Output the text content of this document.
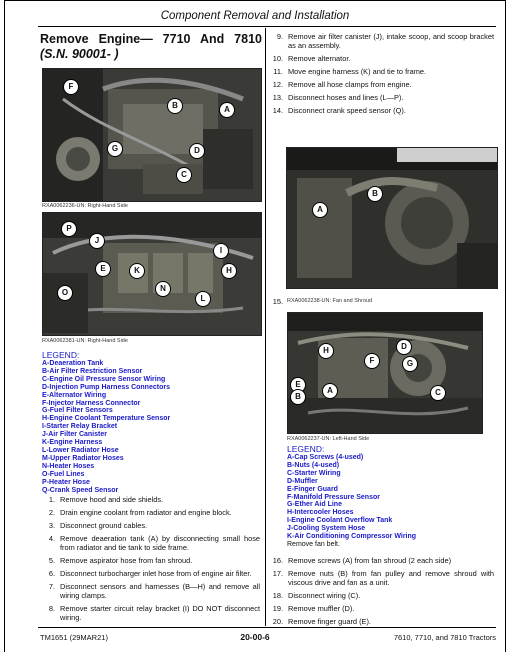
Component Removal and Installation
Remove Engine— 7710 And 7810
(S.N. 90001- )
F
B	A
G	D
C
RXA0062236-UN: Right-Hand Side
P
J
E
I
K	H
O	N
L
RXA0062381-UN: Right-Hand Side
LEGEND:
A-Deaeration Tank
B-Air Filter Restriction Sensor
C-Engine Oil Pressure Sensor Wiring
D-Injection Pump Harness Connectors
E-Alternator Wiring
F-Injector Harness Connector
G-Fuel Filter Sensors
H-Engine Coolant Temperature Sensor
I-Starter Relay Bracket
J-Air Filter Canister
K-Engine Harness
L-Lower Radiator Hose
M-Upper Radiator Hoses
N-Heater Hoses
O-Fuel Lines
P-Heater Hose
Q-Crank Speed Sensor
1. Remove hood and side shields.
2. Drain engine coolant from radiator and engine block.
3. Disconnect ground cables.
4. Remove deaeration tank (A) by disconnecting small hose from radiator and tie tank to side frame.
5. Remove aspirator hose from fan shroud.
6. Disconnect turbocharger inlet hose from of engine air filter.
7. Disconnect sensors and harnesses (B—H) and remove all wiring clamps.
8. Remove starter circuit relay bracket (I) DO NOT disconnect wiring.
9. Remove air filter canister (J), intake scoop, and scoop bracket as an assembly.
10. Remove alternator.
11. Move engine harness (K) and tie to frame.
12. Remove all hose clamps from engine.
13. Disconnect hoses and lines (L—P).
14. Disconnect crank speed sensor (Q).
B
A
15. RXA0062238-UN: Fan and Shroud
H	D
F	G
E
B
A	C
RXA0062237-UN: Left-Hand Side
LEGEND:
A-Cap Screws (4-used)
B-Nuts (4-used)
C-Starter Wiring
D-Muffler
E-Finger Guard
F-Manifold Pressure Sensor
G-Ether Aid Line
H-Intercooler Hoses
I-Engine Coolant Overflow Tank
J-Cooling System Hose
K-Air Conditioning Compressor Wiring
Remove fan belt.
16. Remove screws (A) from fan shroud (2 each side)
17. Remove nuts (B) from fan pulley and remove shroud with viscous drive and fan as a unit.
18. Disconnect wiring (C).
19. Remove muffler (D).
20. Remove finger guard (E).
TM1651 (29MAR21)	20-00-6	7610, 7710, and 7810 Tractors
